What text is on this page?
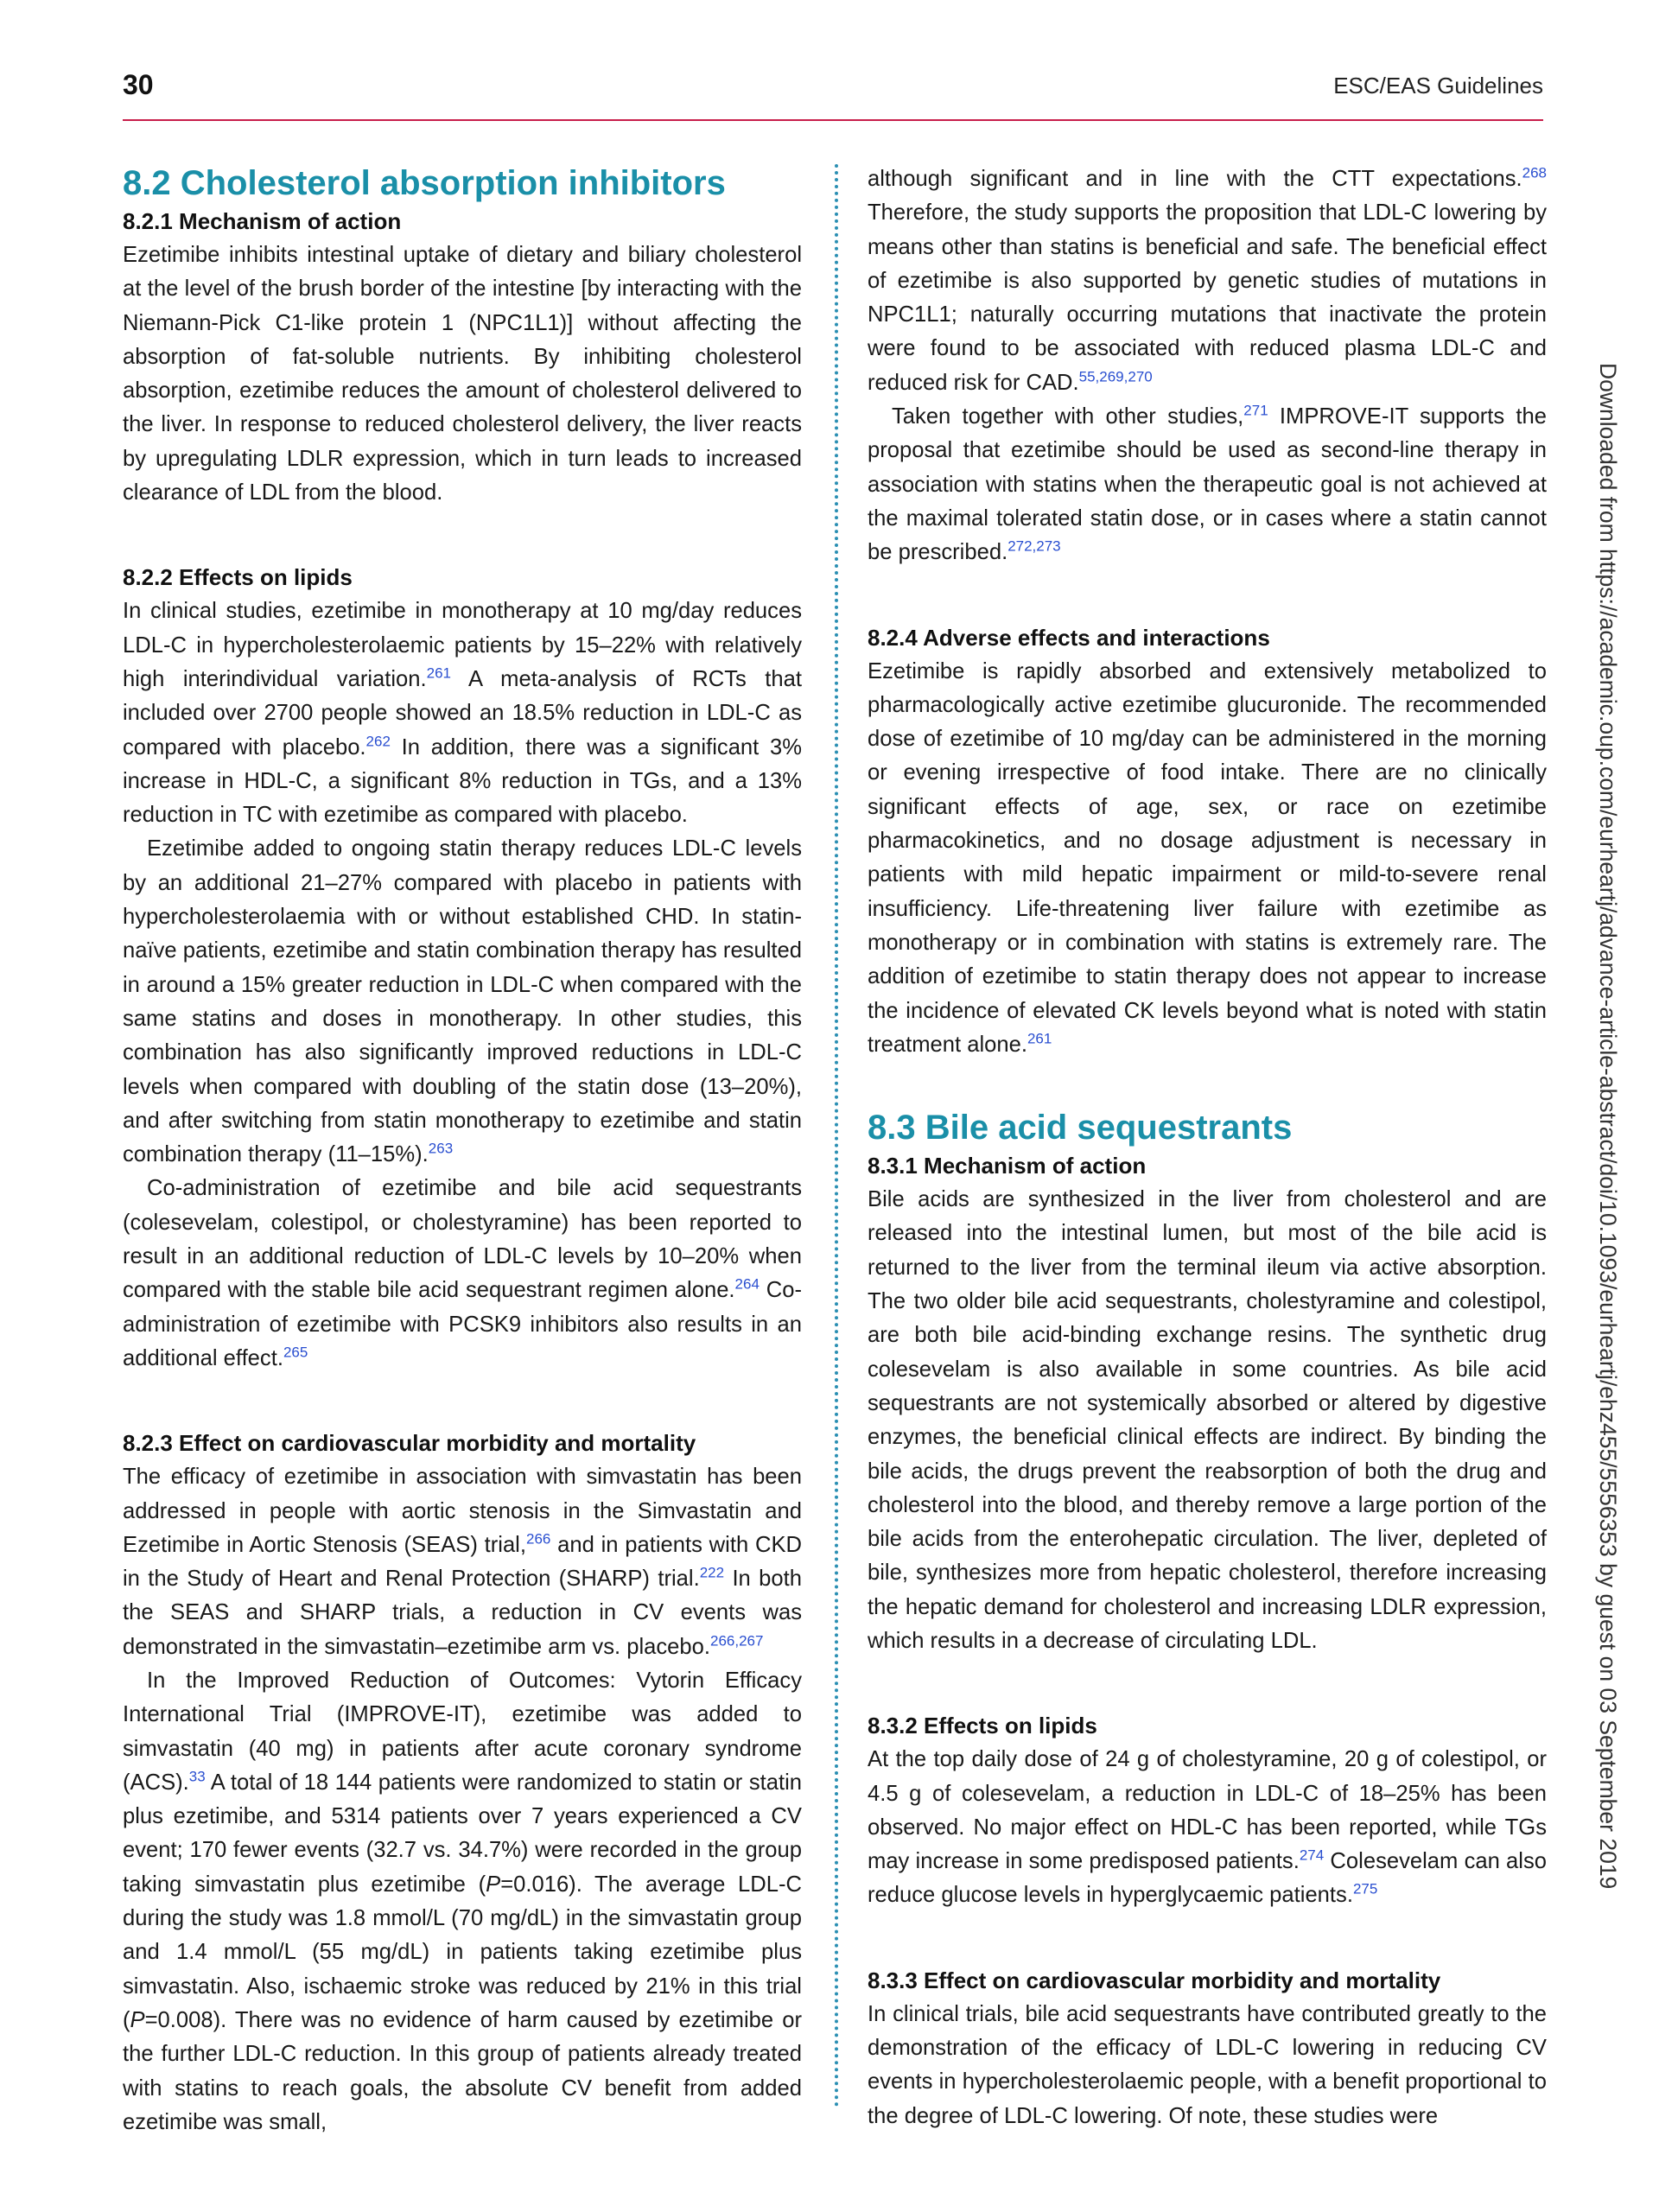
30	ESC/EAS Guidelines
8.2 Cholesterol absorption inhibitors
8.2.1 Mechanism of action

Ezetimibe inhibits intestinal uptake of dietary and biliary cholesterol at the level of the brush border of the intestine [by interacting with the Niemann-Pick C1-like protein 1 (NPC1L1)] without affecting the absorption of fat-soluble nutrients. By inhibiting cholesterol absorption, ezetimibe reduces the amount of cholesterol delivered to the liver. In response to reduced cholesterol delivery, the liver reacts by upregulating LDLR expression, which in turn leads to increased clearance of LDL from the blood.

8.2.2 Effects on lipids

In clinical studies, ezetimibe in monotherapy at 10 mg/day reduces LDL-C in hypercholesterolaemic patients by 15–22% with relatively high interindividual variation.$^{261}$ A meta-analysis of RCTs that included over 2700 people showed an 18.5% reduction in LDL-C as compared with placebo.$^{262}$ In addition, there was a significant 3% increase in HDL-C, a significant 8% reduction in TGs, and a 13% reduction in TC with ezetimibe as compared with placebo.

Ezetimibe added to ongoing statin therapy reduces LDL-C levels by an additional 21–27% compared with placebo in patients with hypercholesterolaemia with or without established CHD. In statin-naïve patients, ezetimibe and statin combination therapy has resulted in around a 15% greater reduction in LDL-C when compared with the same statins and doses in monotherapy. In other studies, this combination has also significantly improved reductions in LDL-C levels when compared with doubling of the statin dose (13–20%), and after switching from statin monotherapy to ezetimibe and statin combination therapy (11–15%).$^{263}$

Co-administration of ezetimibe and bile acid sequestrants (colesevelam, colestipol, or cholestyramine) has been reported to result in an additional reduction of LDL-C levels by 10–20% when compared with the stable bile acid sequestrant regimen alone.$^{264}$ Co-administration of ezetimibe with PCSK9 inhibitors also results in an additional effect.$^{265}$

8.2.3 Effect on cardiovascular morbidity and mortality

The efficacy of ezetimibe in association with simvastatin has been addressed in people with aortic stenosis in the Simvastatin and Ezetimibe in Aortic Stenosis (SEAS) trial,$^{266}$ and in patients with CKD in the Study of Heart and Renal Protection (SHARP) trial.$^{222}$ In both the SEAS and SHARP trials, a reduction in CV events was demonstrated in the simvastatin–ezetimibe arm vs. placebo.$^{266,267}$

In the Improved Reduction of Outcomes: Vytorin Efficacy International Trial (IMPROVE-IT), ezetimibe was added to simvastatin (40 mg) in patients after acute coronary syndrome (ACS).$^{33}$ A total of 18 144 patients were randomized to statin or statin plus ezetimibe, and 5314 patients over 7 years experienced a CV event; 170 fewer events (32.7 vs. 34.7%) were recorded in the group taking simvastatin plus ezetimibe (P=0.016). The average LDL-C during the study was 1.8 mmol/L (70 mg/dL) in the simvastatin group and 1.4 mmol/L (55 mg/dL) in patients taking ezetimibe plus simvastatin. Also, ischaemic stroke was reduced by 21% in this trial (P=0.008). There was no evidence of harm caused by ezetimibe or the further LDL-C reduction. In this group of patients already treated with statins to reach goals, the absolute CV benefit from added ezetimibe was small,

although significant and in line with the CTT expectations.$^{268}$ Therefore, the study supports the proposition that LDL-C lowering by means other than statins is beneficial and safe. The beneficial effect of ezetimibe is also supported by genetic studies of mutations in NPC1L1; naturally occurring mutations that inactivate the protein were found to be associated with reduced plasma LDL-C and reduced risk for CAD.$^{55,269,270}$

Taken together with other studies,$^{271}$ IMPROVE-IT supports the proposal that ezetimibe should be used as second-line therapy in association with statins when the therapeutic goal is not achieved at the maximal tolerated statin dose, or in cases where a statin cannot be prescribed.$^{272,273}$

8.2.4 Adverse effects and interactions

Ezetimibe is rapidly absorbed and extensively metabolized to pharmacologically active ezetimibe glucuronide. The recommended dose of ezetimibe of 10 mg/day can be administered in the morning or evening irrespective of food intake. There are no clinically significant effects of age, sex, or race on ezetimibe pharmacokinetics, and no dosage adjustment is necessary in patients with mild hepatic impairment or mild-to-severe renal insufficiency. Life-threatening liver failure with ezetimibe as monotherapy or in combination with statins is extremely rare. The addition of ezetimibe to statin therapy does not appear to increase the incidence of elevated CK levels beyond what is noted with statin treatment alone.$^{261}$

8.3 Bile acid sequestrants
8.3.1 Mechanism of action

Bile acids are synthesized in the liver from cholesterol and are released into the intestinal lumen, but most of the bile acid is returned to the liver from the terminal ileum via active absorption. The two older bile acid sequestrants, cholestyramine and colestipol, are both bile acid-binding exchange resins. The synthetic drug colesevelam is also available in some countries. As bile acid sequestrants are not systemically absorbed or altered by digestive enzymes, the beneficial clinical effects are indirect. By binding the bile acids, the drugs prevent the reabsorption of both the drug and cholesterol into the blood, and thereby remove a large portion of the bile acids from the enterohepatic circulation. The liver, depleted of bile, synthesizes more from hepatic cholesterol, therefore increasing the hepatic demand for cholesterol and increasing LDLR expression, which results in a decrease of circulating LDL.

8.3.2 Effects on lipids

At the top daily dose of 24 g of cholestyramine, 20 g of colestipol, or 4.5 g of colesevelam, a reduction in LDL-C of 18–25% has been observed. No major effect on HDL-C has been reported, while TGs may increase in some predisposed patients.$^{274}$ Colesevelam can also reduce glucose levels in hyperglycaemic patients.$^{275}$

8.3.3 Effect on cardiovascular morbidity and mortality

In clinical trials, bile acid sequestrants have contributed greatly to the demonstration of the efficacy of LDL-C lowering in reducing CV events in hypercholesterolaemic people, with a benefit proportional to the degree of LDL-C lowering. Of note, these studies were

Downloaded from https://academic.oup.com/eurheartj/advance-article-abstract/doi/10.1093/eurheartj/ehz455/5556353 by guest on 03 September 2019
